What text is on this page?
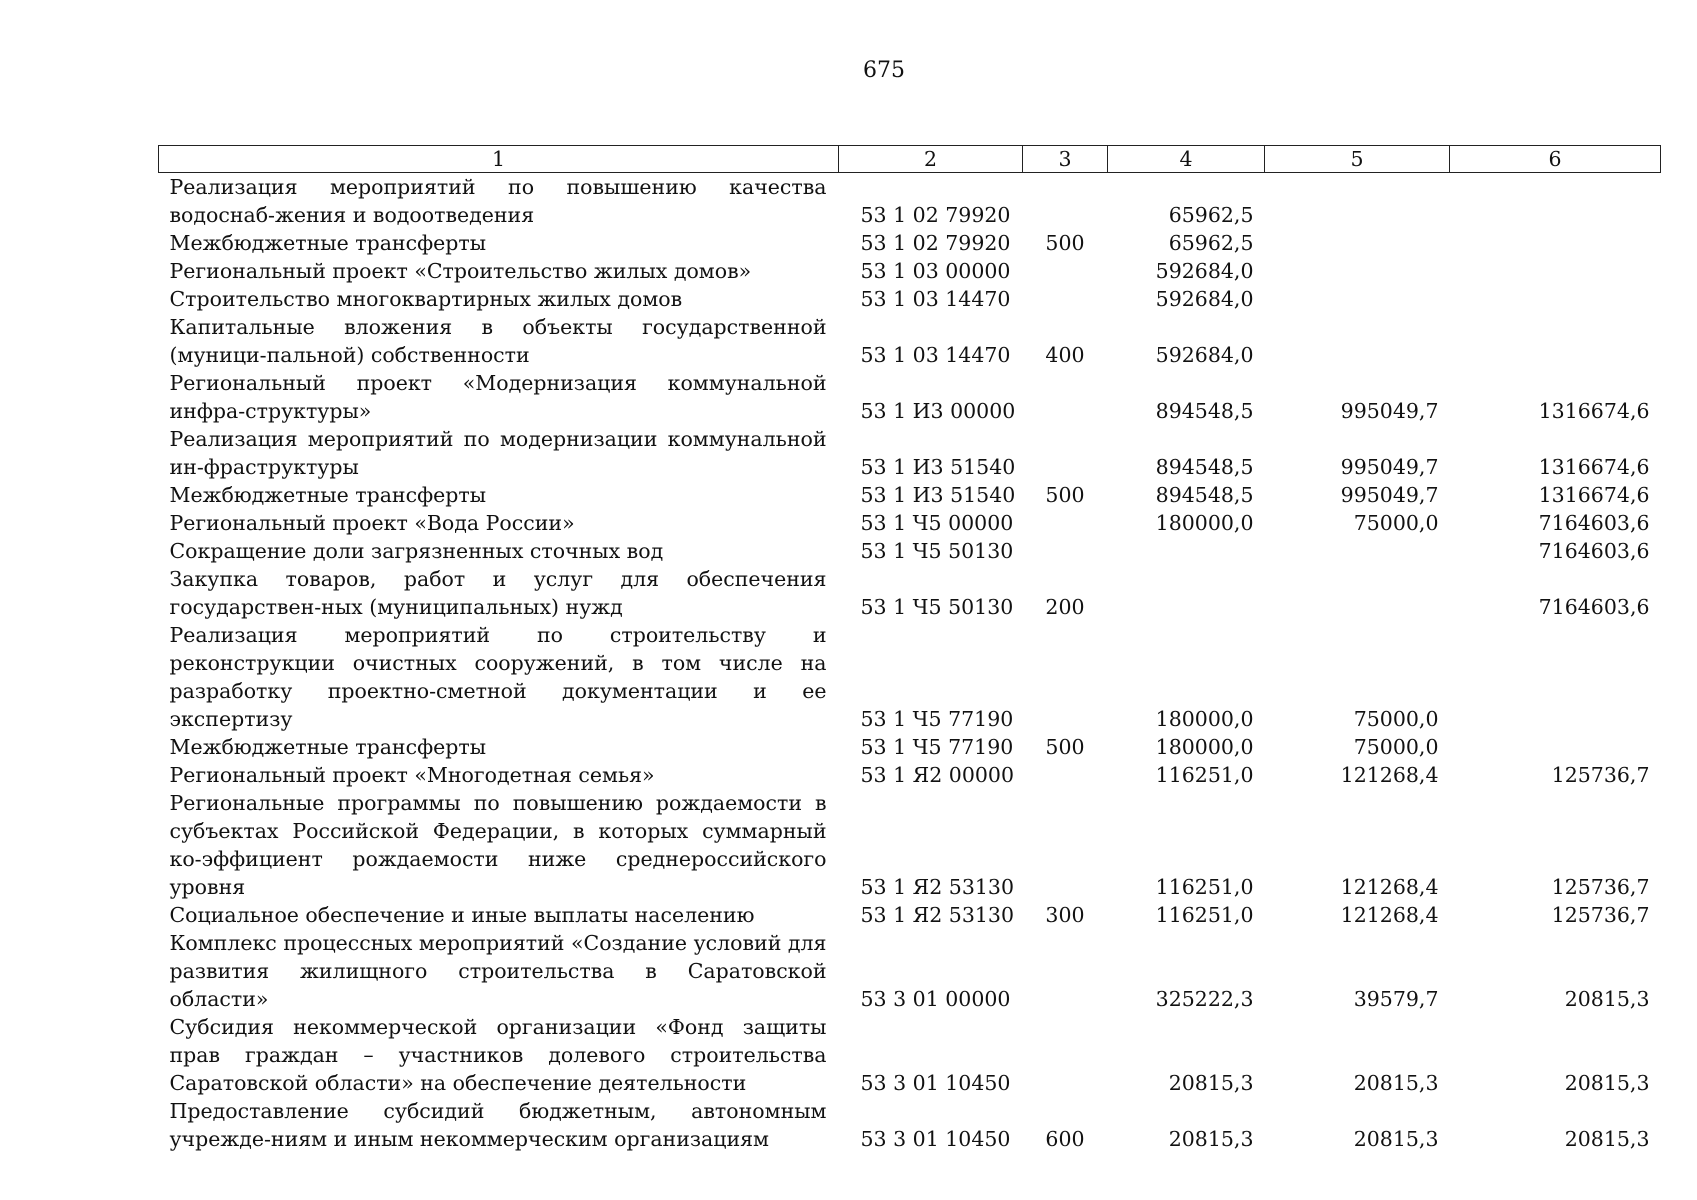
675
1	2	3	4	5	6
Реализация мероприятий по повышению качества водоснаб-жения и водоотведения	53 1 02 79920		65962,5		
Межбюджетные трансферты	53 1 02 79920	500	65962,5		
Региональный проект «Строительство жилых домов»	53 1 03 00000		592684,0		
Строительство многоквартирных жилых домов	53 1 03 14470		592684,0		
Капитальные вложения в объекты государственной (муници-пальной) собственности	53 1 03 14470	400	592684,0		
Региональный проект «Модернизация коммунальной инфра-структуры»	53 1 И3 00000		894548,5	995049,7	1316674,6
Реализация мероприятий по модернизации коммунальной ин-фраструктуры	53 1 И3 51540		894548,5	995049,7	1316674,6
Межбюджетные трансферты	53 1 И3 51540	500	894548,5	995049,7	1316674,6
Региональный проект «Вода России»	53 1 Ч5 00000		180000,0	75000,0	7164603,6
Сокращение доли загрязненных сточных вод	53 1 Ч5 50130				7164603,6
Закупка товаров, работ и услуг для обеспечения государствен-ных (муниципальных) нужд	53 1 Ч5 50130	200			7164603,6
Реализация мероприятий по строительству и реконструкции очистных сооружений, в том числе на разработку проектно-сметной документации и ее экспертизу	53 1 Ч5 77190		180000,0	75000,0	
Межбюджетные трансферты	53 1 Ч5 77190	500	180000,0	75000,0	
Региональный проект «Многодетная семья»	53 1 Я2 00000		116251,0	121268,4	125736,7
Региональные программы по повышению рождаемости в субъектах Российской Федерации, в которых суммарный ко-эффициент рождаемости ниже среднероссийского уровня	53 1 Я2 53130		116251,0	121268,4	125736,7
Социальное обеспечение и иные выплаты населению	53 1 Я2 53130	300	116251,0	121268,4	125736,7
Комплекс процессных мероприятий «Создание условий для развития жилищного строительства в Саратовской области»	53 3 01 00000		325222,3	39579,7	20815,3
Субсидия некоммерческой организации «Фонд защиты прав граждан – участников долевого строительства Саратовской области» на обеспечение деятельности	53 3 01 10450		20815,3	20815,3	20815,3
Предоставление субсидий бюджетным, автономным учрежде-ниям и иным некоммерческим организациям	53 3 01 10450	600	20815,3	20815,3	20815,3
